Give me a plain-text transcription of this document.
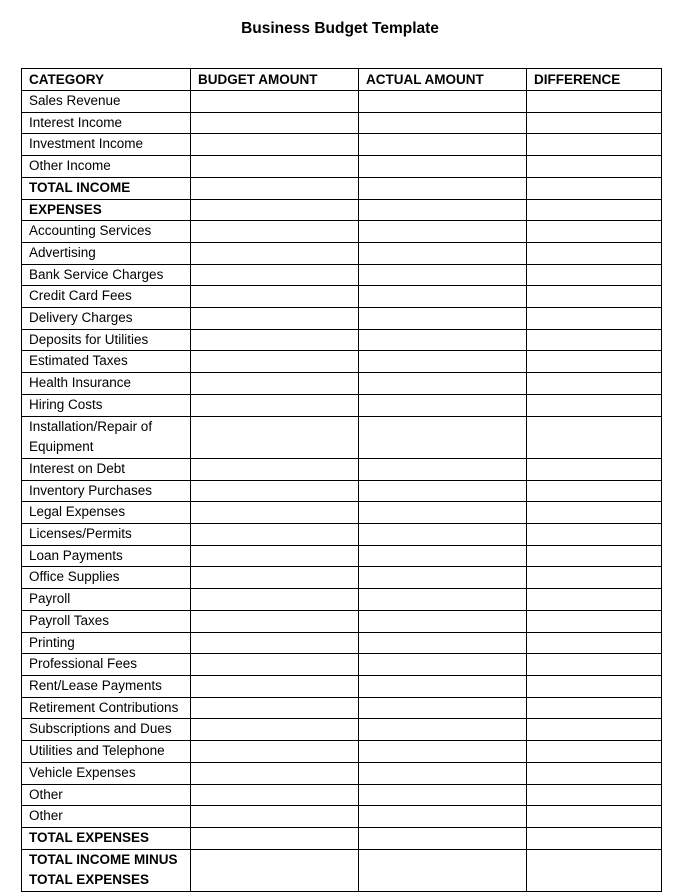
Business Budget Template
CATEGORY	BUDGET AMOUNT	ACTUAL AMOUNT	DIFFERENCE
Sales Revenue			
Interest Income			
Investment Income			
Other Income			
TOTAL INCOME			
EXPENSES			
Accounting Services			
Advertising			
Bank Service Charges			
Credit Card Fees			
Delivery Charges			
Deposits for Utilities			
Estimated Taxes			
Health Insurance			
Hiring Costs			
Installation/Repair of Equipment			
Interest on Debt			
Inventory Purchases			
Legal Expenses			
Licenses/Permits			
Loan Payments			
Office Supplies			
Payroll			
Payroll Taxes			
Printing			
Professional Fees			
Rent/Lease Payments			
Retirement Contributions			
Subscriptions and Dues			
Utilities and Telephone			
Vehicle Expenses			
Other			
Other			
TOTAL EXPENSES			
TOTAL INCOME MINUS TOTAL EXPENSES			
